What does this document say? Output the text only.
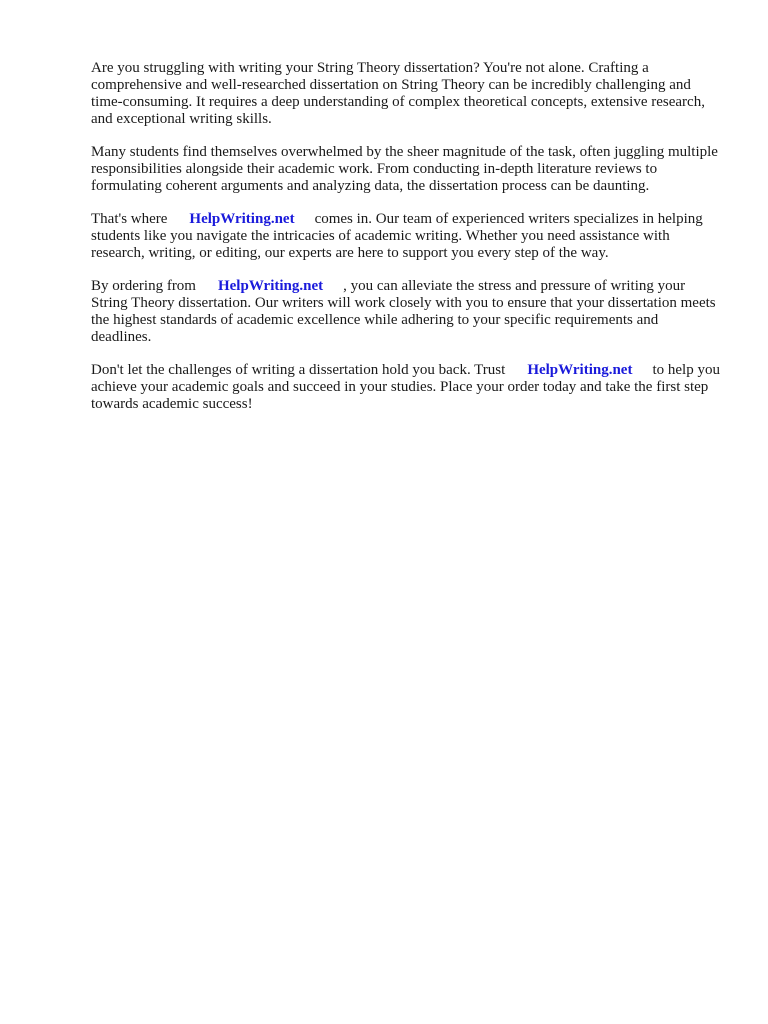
Are you struggling with writing your String Theory dissertation? You're not alone. Crafting a comprehensive and well-researched dissertation on String Theory can be incredibly challenging and time-consuming. It requires a deep understanding of complex theoretical concepts, extensive research, and exceptional writing skills.

Many students find themselves overwhelmed by the sheer magnitude of the task, often juggling multiple responsibilities alongside their academic work. From conducting in-depth literature reviews to formulating coherent arguments and analyzing data, the dissertation process can be daunting.

That's where HelpWriting.net comes in. Our team of experienced writers specializes in helping students like you navigate the intricacies of academic writing. Whether you need assistance with research, writing, or editing, our experts are here to support you every step of the way.

By ordering from HelpWriting.net , you can alleviate the stress and pressure of writing your String Theory dissertation. Our writers will work closely with you to ensure that your dissertation meets the highest standards of academic excellence while adhering to your specific requirements and deadlines.

Don't let the challenges of writing a dissertation hold you back. Trust HelpWriting.net to help you achieve your academic goals and succeed in your studies. Place your order today and take the first step towards academic success!
